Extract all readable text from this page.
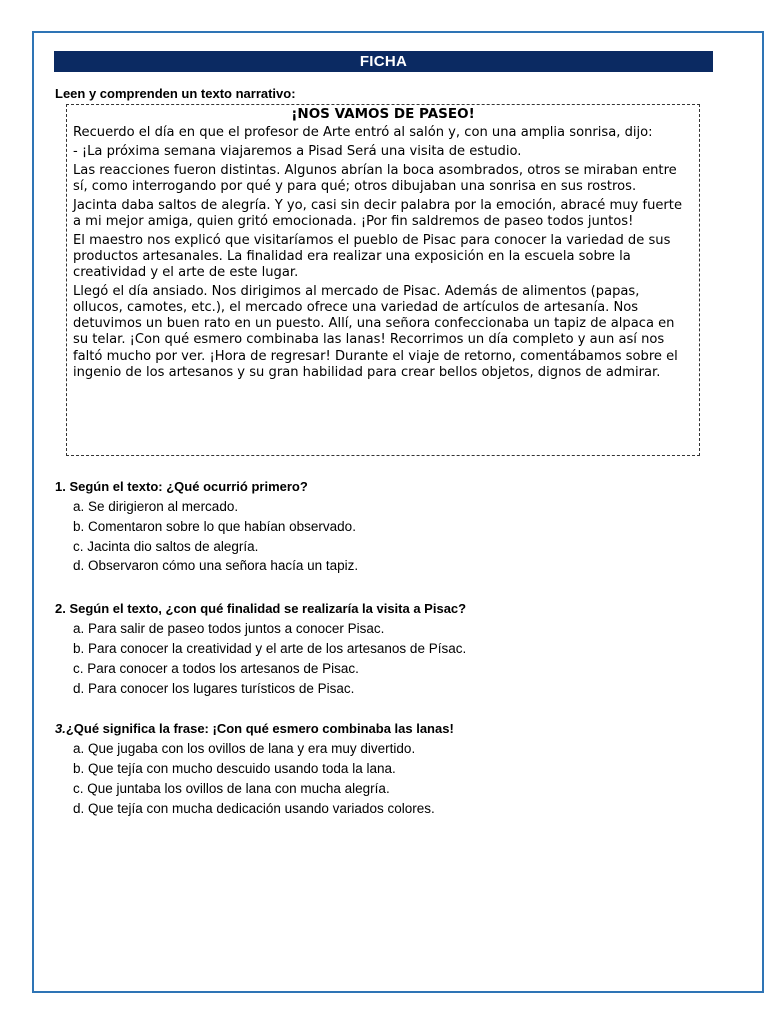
FICHA
Leen y comprenden un texto narrativo:
¡NOS VAMOS DE PASEO!

Recuerdo el día en que el profesor de Arte entró al salón y, con una amplia sonrisa, dijo:

- ¡La próxima semana viajaremos a Pisad Será una visita de estudio.

Las reacciones fueron distintas. Algunos abrían la boca asombrados, otros se miraban entre sí, como interrogando por qué y para qué; otros dibujaban una sonrisa en sus rostros.

Jacinta daba saltos de alegría. Y yo, casi sin decir palabra por la emoción, abracé muy fuerte a mi mejor amiga, quien gritó emocionada. ¡Por fin saldremos de paseo todos juntos!

El maestro nos explicó que visitaríamos el pueblo de Pisac para conocer la variedad de sus productos artesanales. La finalidad era realizar una exposición en la escuela sobre la creatividad y el arte de este lugar.

Llegó el día ansiado. Nos dirigimos al mercado de Pisac. Además de alimentos (papas, ollucos, camotes, etc.), el mercado ofrece una variedad de artículos de artesanía. Nos detuvimos un buen rato en un puesto. Allí, una señora confeccionaba un tapiz de alpaca en su telar. ¡Con qué esmero combinaba las lanas! Recorrimos un día completo y aun así nos faltó mucho por ver. ¡Hora de regresar! Durante el viaje de retorno, comentábamos sobre el ingenio de los artesanos y su gran habilidad para crear bellos objetos, dignos de admirar.

1. Según el texto: ¿Qué ocurrió primero?
a. Se dirigieron al mercado.
b. Comentaron sobre lo que habían observado.
c. Jacinta dio saltos de alegría.
d. Observaron cómo una señora hacía un tapiz.
2. Según el texto, ¿con qué finalidad se realizaría la visita a Pisac?
a. Para salir de paseo todos juntos a conocer Pisac.
b. Para conocer la creatividad y el arte de los artesanos de Písac.
c. Para conocer a todos los artesanos de Pisac.
d. Para conocer los lugares turísticos de Pisac.
3.¿Qué significa la frase: ¡Con qué esmero combinaba las lanas!
a. Que jugaba con los ovillos de lana y era muy divertido.
b. Que tejía con mucho descuido usando toda la lana.
c. Que juntaba los ovillos de lana con mucha alegría.
d. Que tejía con mucha dedicación usando variados colores.
